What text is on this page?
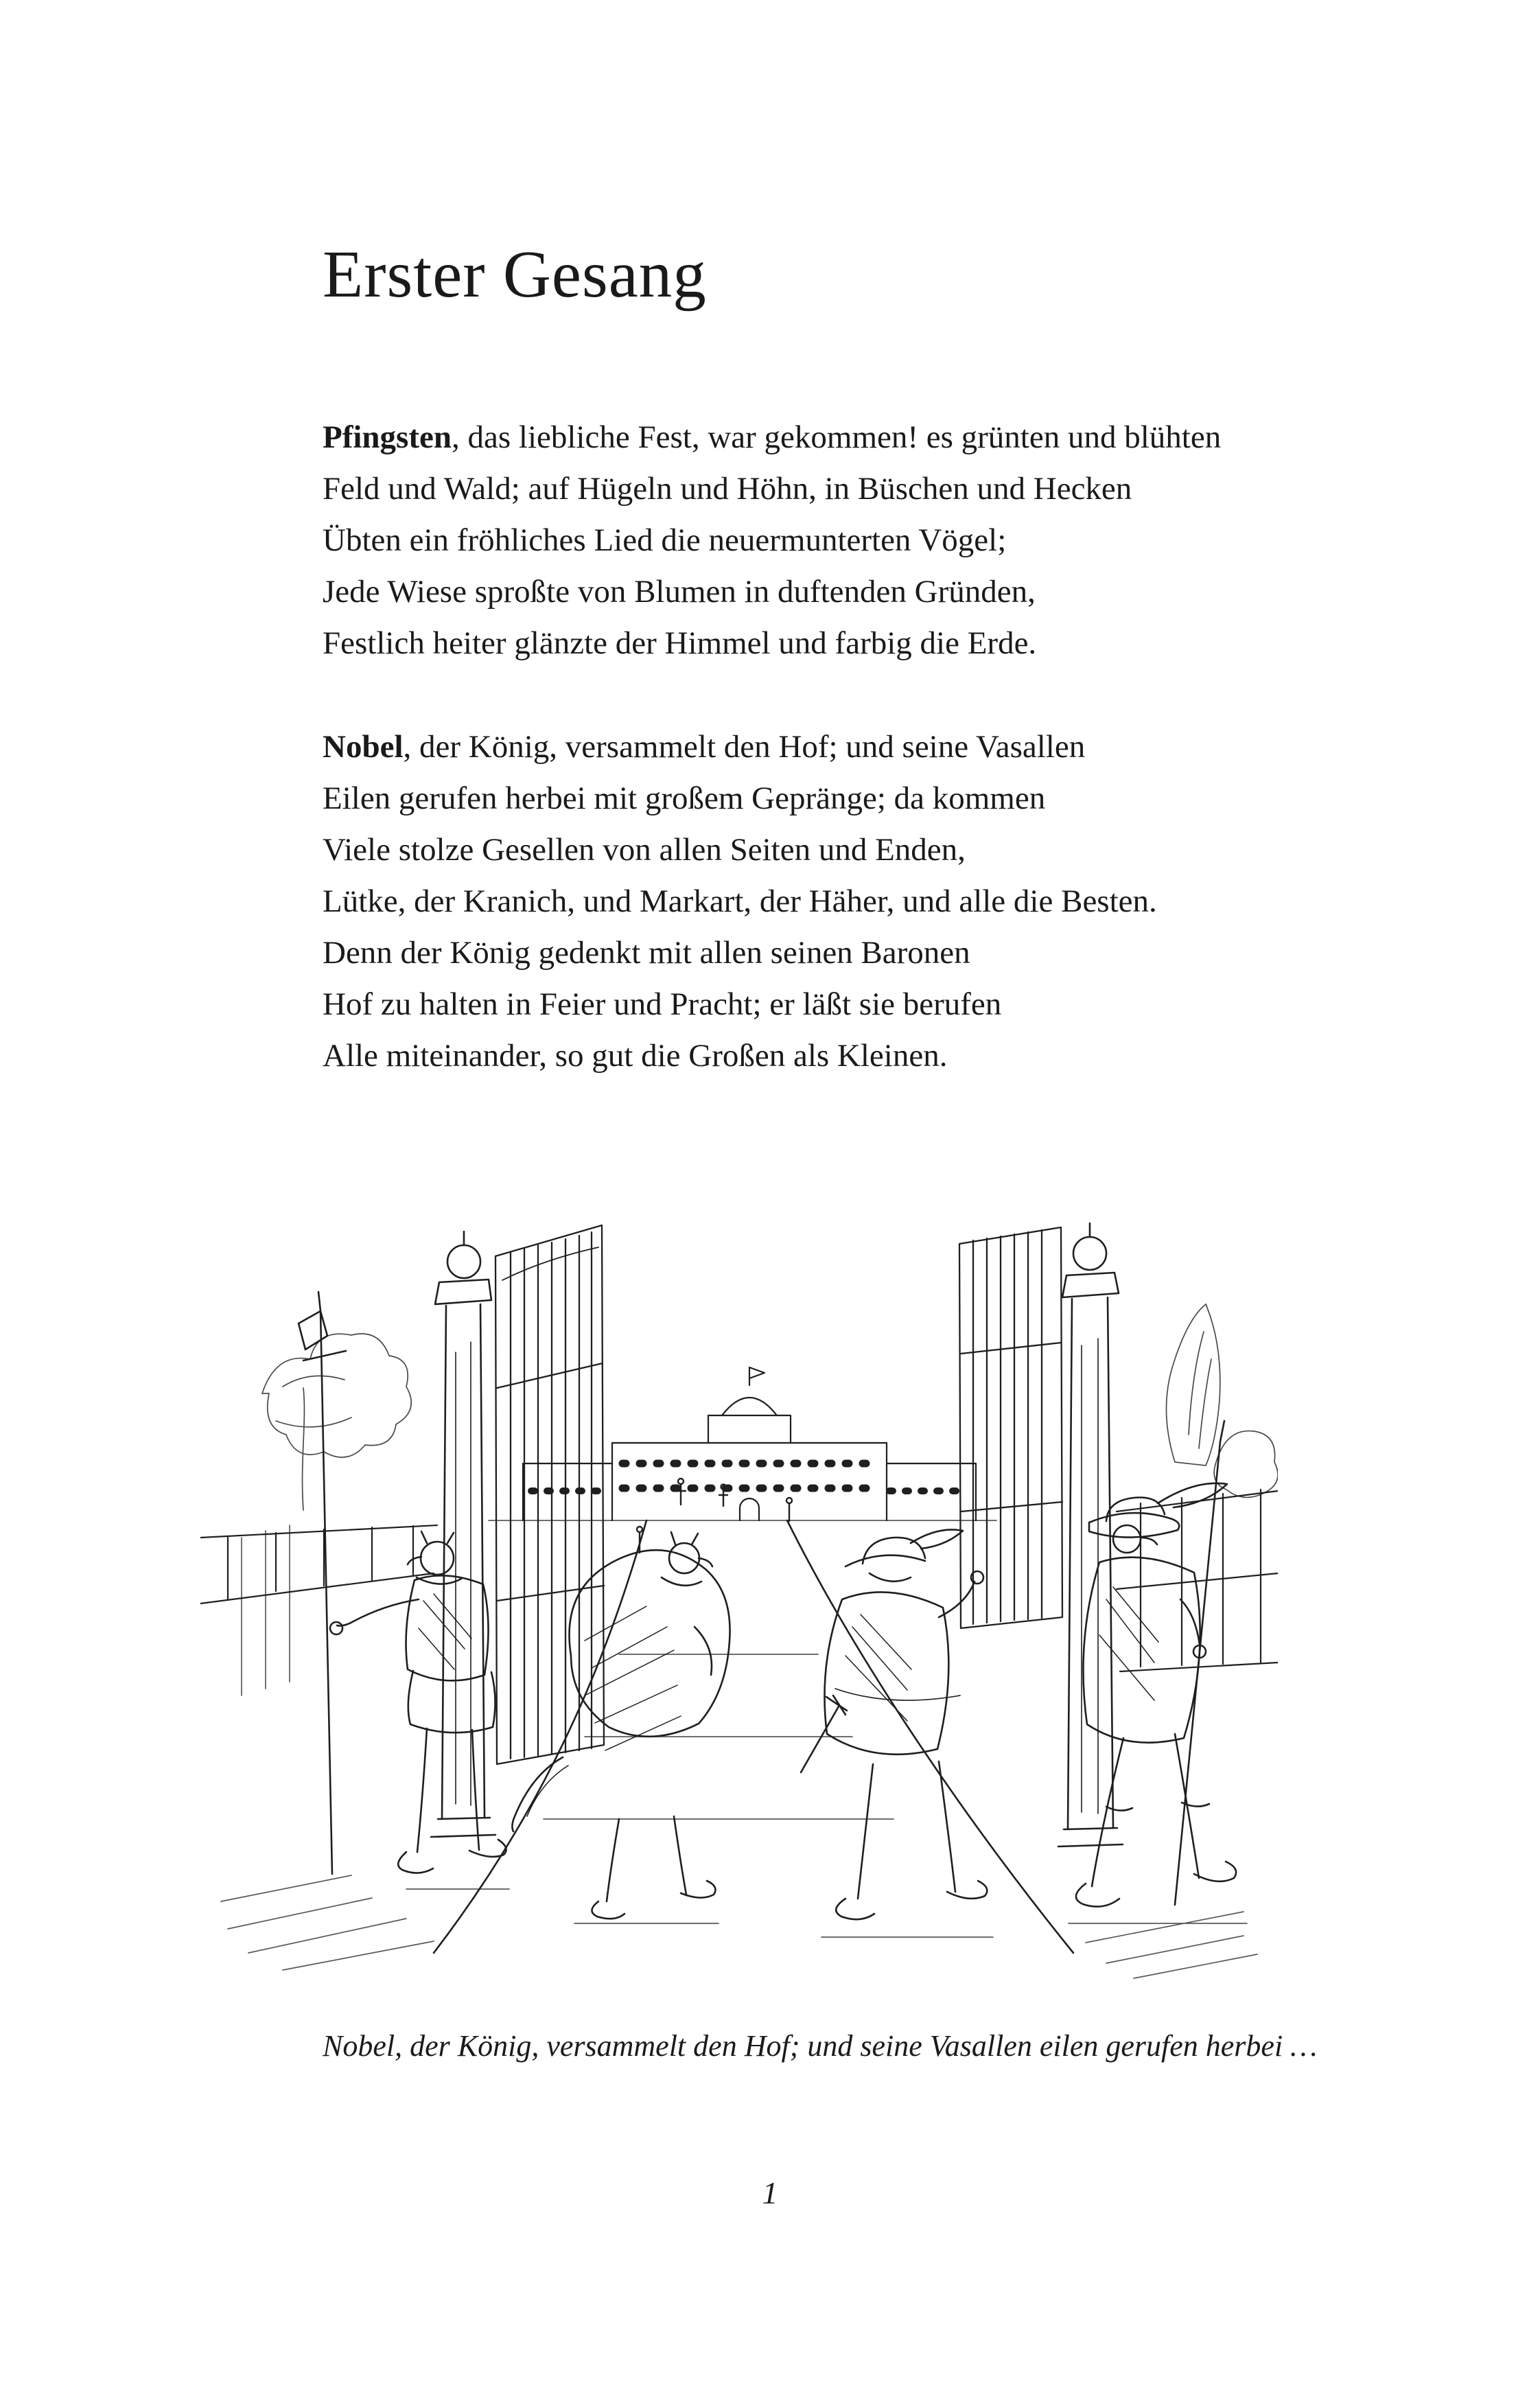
Erster Gesang

Pfingsten, das liebliche Fest, war gekommen! es grünten und blühten

Feld und Wald; auf Hügeln und Höhn, in Büschen und Hecken

Übten ein fröhliches Lied die neuermunterten Vögel;

Jede Wiese sproßte von Blumen in duftenden Gründen,

Festlich heiter glänzte der Himmel und farbig die Erde.

Nobel, der König, versammelt den Hof; und seine Vasallen

Eilen gerufen herbei mit großem Gepränge; da kommen

Viele stolze Gesellen von allen Seiten und Enden,

Lütke, der Kranich, und Markart, der Häher, und alle die Besten.

Denn der König gedenkt mit allen seinen Baronen

Hof zu halten in Feier und Pracht; er läßt sie berufen

Alle miteinander, so gut die Großen als Kleinen.

Nobel, der König, versammelt den Hof; und seine Vasallen eilen gerufen herbei …
1
